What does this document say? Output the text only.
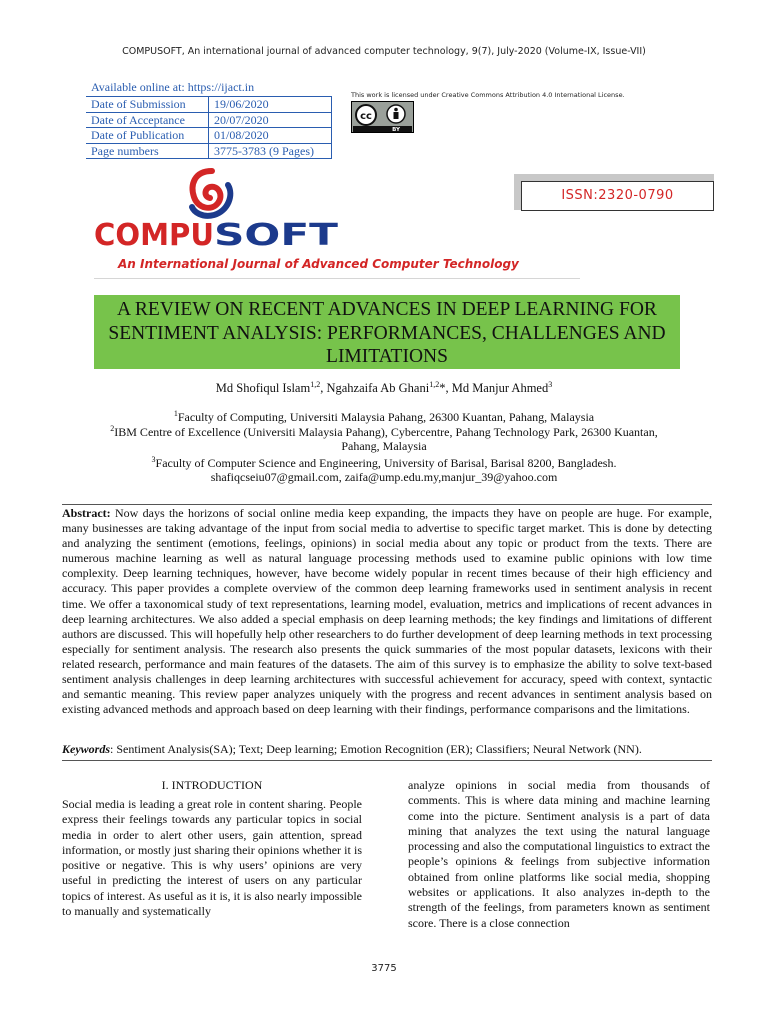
COMPUSOFT, An international journal of advanced computer technology, 9(7), July-2020 (Volume-IX, Issue-VII)
Available online at: https://ijact.in
Date of Submission	19/06/2020
Date of Acceptance	20/07/2020
Date of Publication	01/08/2020
Page numbers	3775-3783 (9 Pages)
This work is licensed under Creative Commons Attribution 4.0 International License.
cc
BY
ISSN:2320-0790
COMPU SOFT
An International Journal of Advanced Computer Technology
A REVIEW ON RECENT ADVANCES IN DEEP LEARNING FOR
SENTIMENT ANALYSIS: PERFORMANCES, CHALLENGES AND
LIMITATIONS
Md Shofiqul Islam$^{1,2}$, Ngahzaifa Ab Ghani$^{1,2}$*, Md Manjur Ahmed$^3$
$^1$Faculty of Computing, Universiti Malaysia Pahang, 26300 Kuantan, Pahang, Malaysia
$^2$IBM Centre of Excellence (Universiti Malaysia Pahang), Cybercentre, Pahang Technology Park, 26300 Kuantan,
Pahang, Malaysia
$^3$Faculty of Computer Science and Engineering, University of Barisal, Barisal 8200, Bangladesh.
shafiqcseiu07@gmail.com, zaifa@ump.edu.my,manjur_39@yahoo.com
Abstract: Now days the horizons of social online media keep expanding, the impacts they have on people are huge. For example, many businesses are taking advantage of the input from social media to advertise to specific target market. This is done by detecting and analyzing the sentiment (emotions, feelings, opinions) in social media about any topic or product from the texts. There are numerous machine learning as well as natural language processing methods used to examine public opinions with low time complexity. Deep learning techniques, however, have become widely popular in recent times because of their high efficiency and accuracy. This paper provides a complete overview of the common deep learning frameworks used in sentiment analysis in recent time. We offer a taxonomical study of text representations, learning model, evaluation, metrics and implications of recent advances in deep learning architectures. We also added a special emphasis on deep learning methods; the key findings and limitations of different authors are discussed. This will hopefully help other researchers to do further development of deep learning methods in text processing especially for sentiment analysis. The research also presents the quick summaries of the most popular datasets, lexicons with their related research, performance and main features of the datasets. The aim of this survey is to emphasize the ability to solve text-based sentiment analysis challenges in deep learning architectures with successful achievement for accuracy, speed with context, syntactic and semantic meaning. This review paper analyzes uniquely with the progress and recent advances in sentiment analysis based on existing advanced methods and approach based on deep learning with their findings, performance comparisons and the limitations.
Keywords: Sentiment Analysis(SA); Text; Deep learning; Emotion Recognition (ER); Classifiers; Neural Network (NN).
I. INTRODUCTION
Social media is leading a great role in content sharing. People express their feelings towards any particular topics in social media in order to alert other users, gain attention, spread information, or mostly just sharing their opinions whether it is positive or negative. This is why users’ opinions are very useful in predicting the interest of users on any particular topics of interest. As useful as it is, it is also nearly impossible to manually and systematically
analyze opinions in social media from thousands of comments. This is where data mining and machine learning come into the picture. Sentiment analysis is a part of data mining that analyzes the text using the natural language processing and also the computational linguistics to extract the people’s opinions & feelings from subjective information obtained from online platforms like social media, shopping websites or applications. It also analyzes in-depth to the strength of the feelings, from parameters known as sentiment score. There is a close connection
3775
